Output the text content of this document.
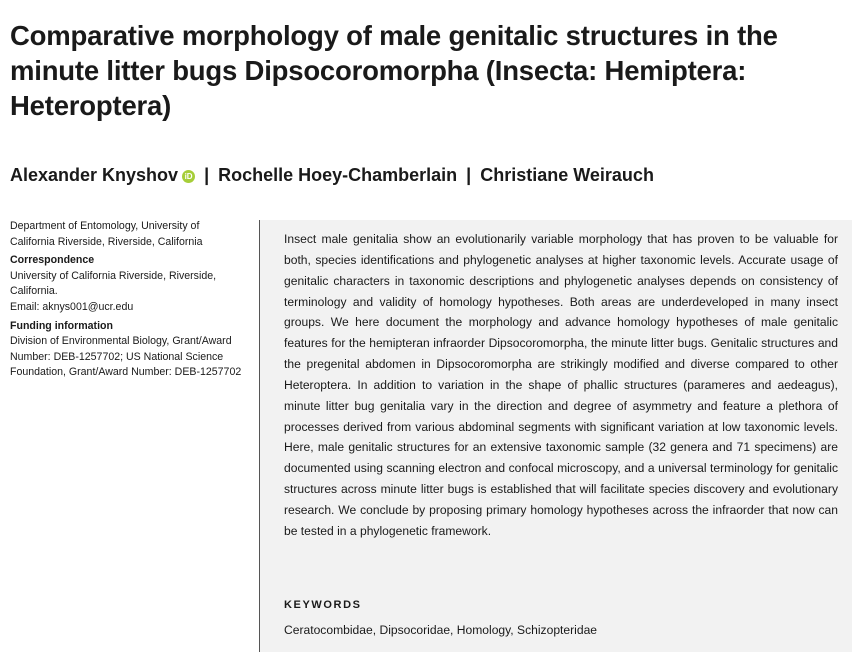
Comparative morphology of male genitalic structures in the minute litter bugs Dipsocoromorpha (Insecta: Hemiptera: Heteroptera)
Alexander Knyshov iD | Rochelle Hoey-Chamberlain | Christiane Weirauch
Department of Entomology, University of California Riverside, Riverside, California
Correspondence
University of California Riverside, Riverside, California.
Email: aknys001@ucr.edu
Funding information
Division of Environmental Biology, Grant/Award Number: DEB-1257702; US National Science Foundation, Grant/Award Number: DEB-1257702

Insect male genitalia show an evolutionarily variable morphology that has proven to be valuable for both, species identifications and phylogenetic analyses at higher taxonomic levels. Accurate usage of genitalic characters in taxonomic descriptions and phylogenetic analyses depends on consistency of terminology and validity of homology hypotheses. Both areas are underdeveloped in many insect groups. We here document the morphology and advance homology hypotheses of male genitalic features for the hemipteran infraorder Dipsocoromorpha, the minute litter bugs. Genitalic structures and the pregenital abdomen in Dipsocoromorpha are strikingly modified and diverse compared to other Heteroptera. In addition to variation in the shape of phallic structures (parameres and aedeagus), minute litter bug genitalia vary in the direction and degree of asymmetry and feature a plethora of processes derived from various abdominal segments with significant variation at low taxonomic levels. Here, male genitalic structures for an extensive taxonomic sample (32 genera and 71 specimens) are documented using scanning electron and confocal microscopy, and a universal terminology for genitalic structures across minute litter bugs is established that will facilitate species discovery and evolutionary research. We conclude by proposing primary homology hypotheses across the infraorder that now can be tested in a phylogenetic framework.

KEYWORDS
Ceratocombidae, Dipsocoridae, Homology, Schizopteridae
